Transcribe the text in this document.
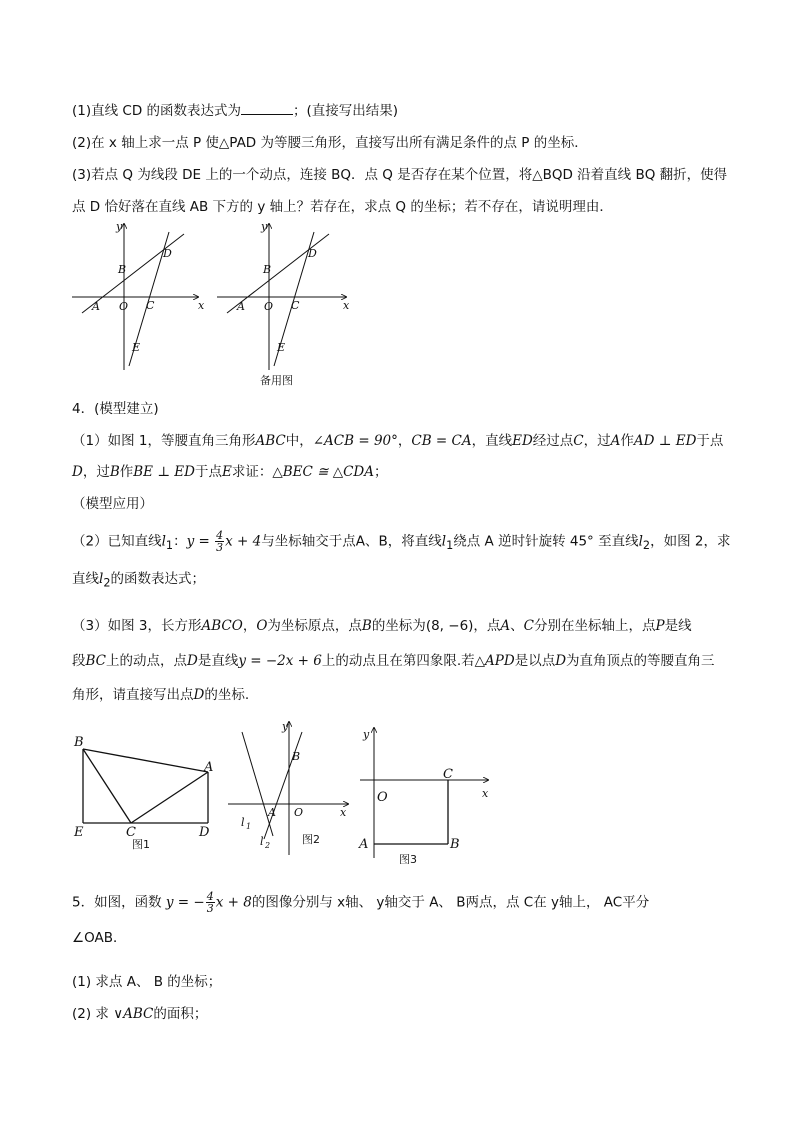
(1)直线 CD 的函数表达式为	；(直接写出结果)
(2)在 x 轴上求一点 P 使△PAD 为等腰三角形，直接写出所有满足条件的点 P 的坐标．
(3)若点 Q 为线段 DE 上的一个动点，连接 BQ．点 Q 是否存在某个位置，将△BQD 沿着直线 BQ 翻折，使得
点 D 恰好落在直线 AB 下方的 y 轴上？若存在，求点 Q 的坐标；若不存在，请说明理由．
A
B
C
D
E
O	x
y
A
B
C
D
E
O	x
y
备用图
4．(模型建立)
（1）如图 1，等腰直角三角形ABC中，∠ACB = 90°，CB = CA，直线ED经过点C，过A作AD ⊥ ED于点
D，过B作BE ⊥ ED于点E求证：△BEC ≅ △CDA；
（模型应用）
（2）已知直线$l_1$：$y = \frac{4}{3}$ x + 4与坐标轴交于点A、B，将直线$l_1$绕点 A 逆时针旋转 45° 至直线$l_2$，如图 2，求
直线$l_2$的函数表达式；
（3）如图 3，长方形ABCO，O为坐标原点，点B的坐标为(8, −6)，点A、C分别在坐标轴上，点P是线
段BC上的动点，点D是直线y = −2x + 6上的动点且在第四象限.若△APD是以点D为直角顶点的等腰直角三
角形，请直接写出点D的坐标.
B
A
E	C	D
图1
y
x
B
A O
l 1
l 2	图2
y
x
O
C
A	B
图3
5．如图，函数 y = − $\frac{4}{3}$ x + 8的图像分别与 x轴、 y轴交于 A、 B两点，点 C在 y轴上， AC平分
∠OAB．
(1) 求点 A、 B 的坐标；
(2) 求 ∨ABC的面积；
